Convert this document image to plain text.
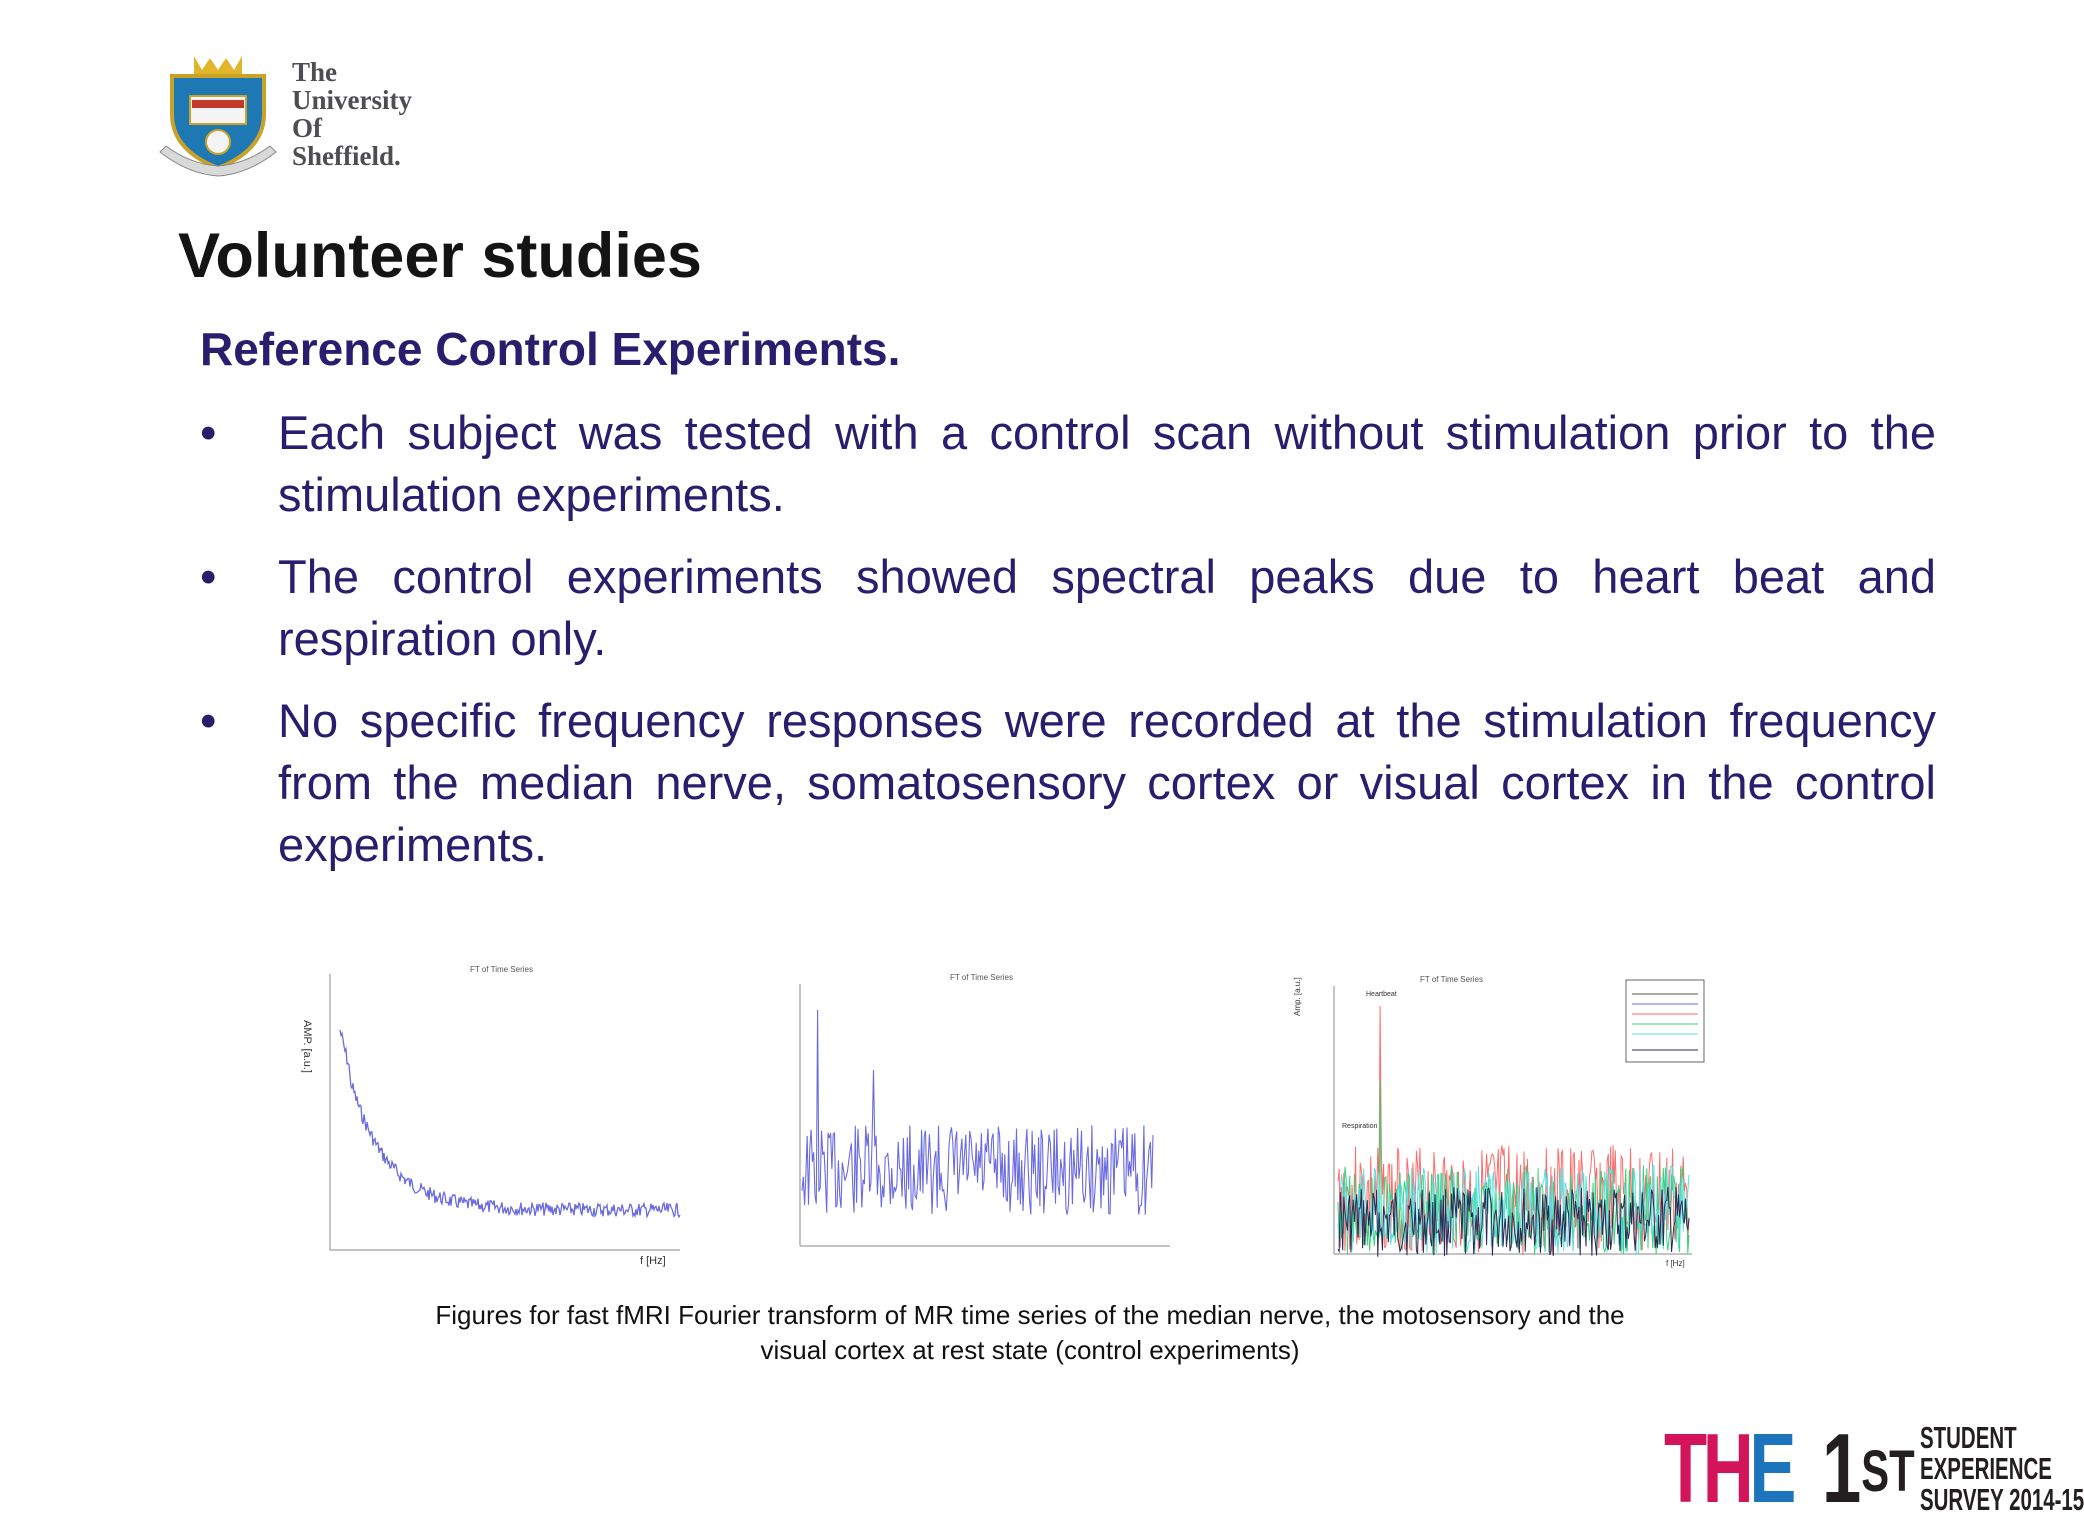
The
University
Of
Sheffield.
Volunteer studies
Reference Control Experiments.
• Each subject was tested with a control scan without stimulation prior to the stimulation experiments.
• The control experiments showed spectral peaks due to heart beat and respiration only.
• No specific frequency responses were recorded at the stimulation frequency from the median nerve, somatosensory cortex or visual cortex in the control experiments.
FT of Time Series
AMP. [a.u.]
f [Hz]
FT of Time Series	FT of Time Series
Amp. [a.u.]	Heartbeat
Respiration
f [Hz]
Figures for fast fMRI Fourier transform of MR time series of the median nerve, the motosensory and the
visual cortex at rest state (control experiments)
THE 1ST
STUDENT
EXPERIENCE
SURVEY 2014-15
